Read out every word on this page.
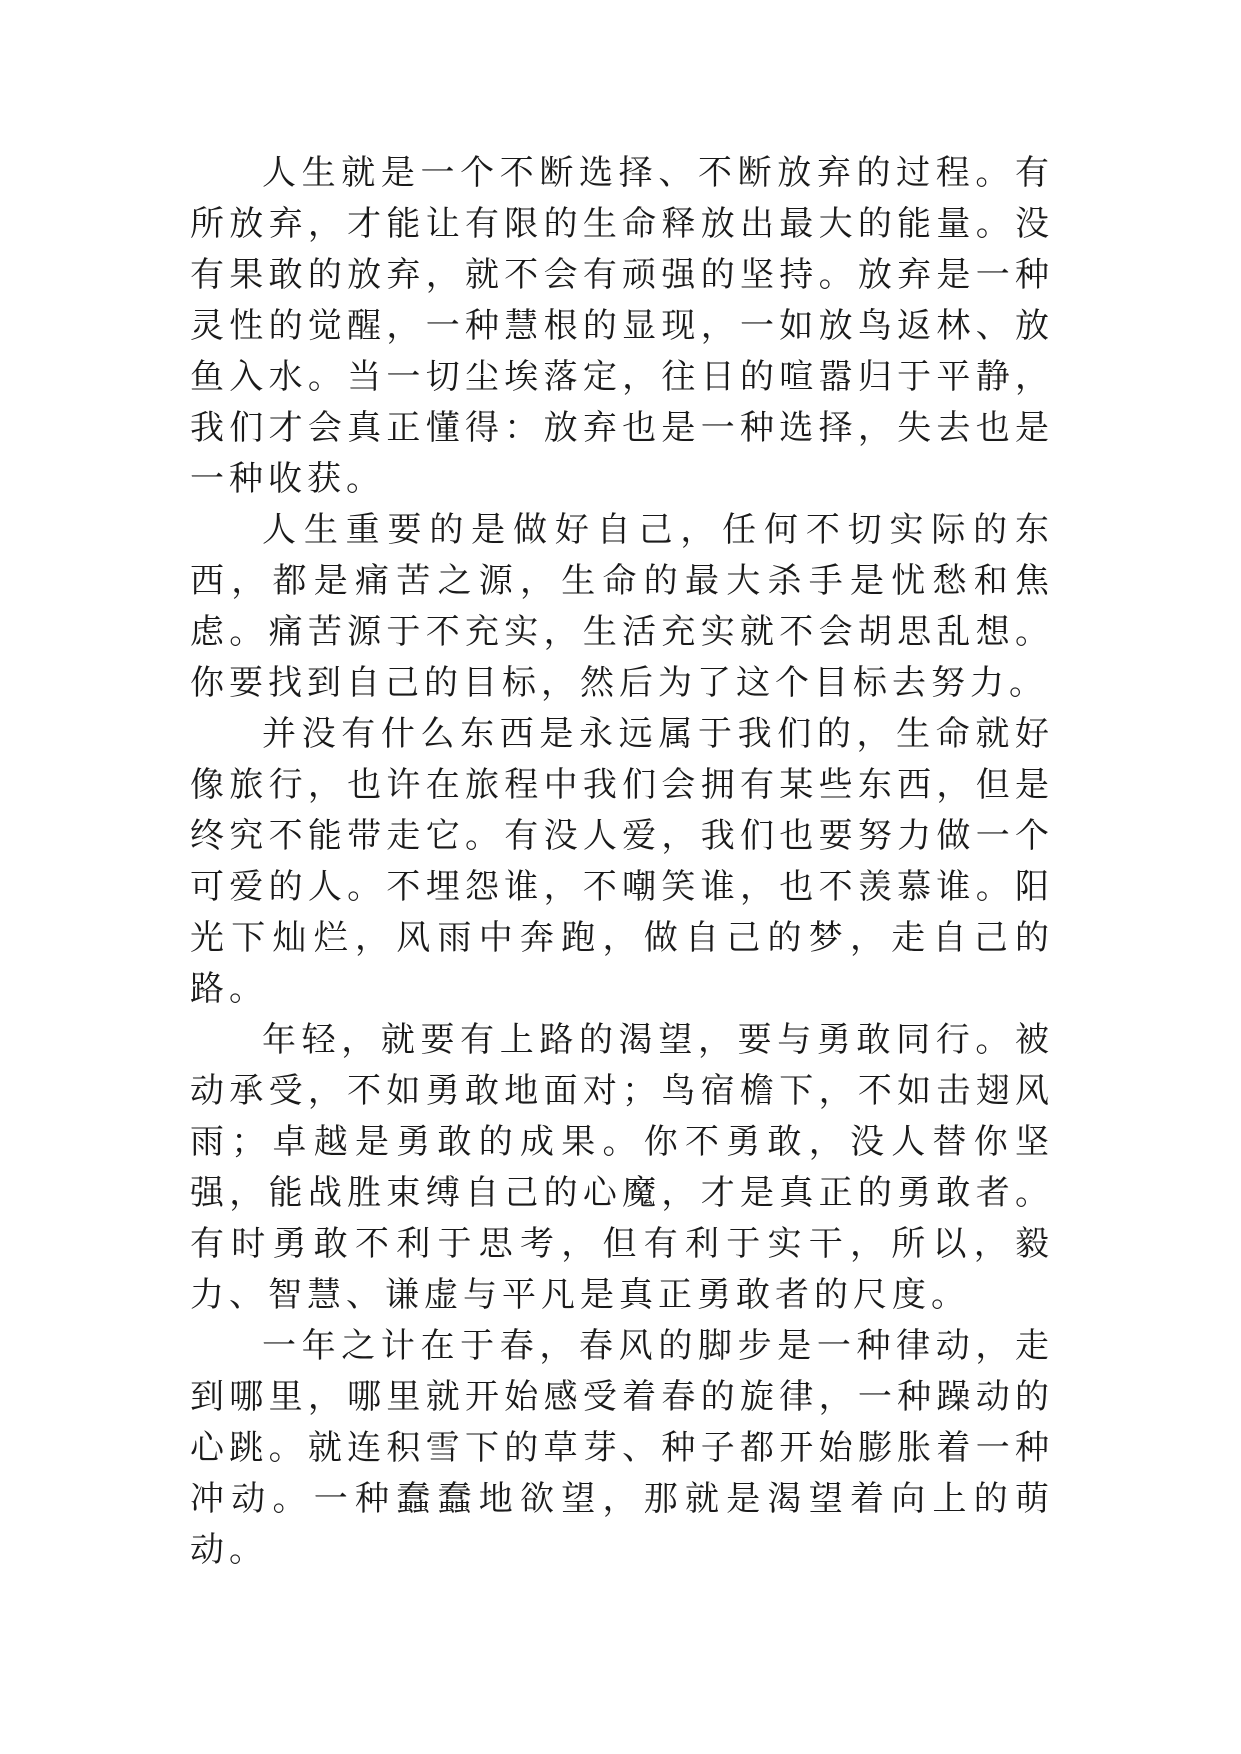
人生就是一个不断选择、不断放弃的过程。有所放弃，才能让有限的生命释放出最大的能量。没有果敢的放弃，就不会有顽强的坚持。放弃是一种灵性的觉醒，一种慧根的显现，一如放鸟返林、放鱼入水。当一切尘埃落定，往日的喧嚣归于平静，我们才会真正懂得：放弃也是一种选择，失去也是一种收获。

人生重要的是做好自己，任何不切实际的东西，都是痛苦之源，生命的最大杀手是忧愁和焦虑。痛苦源于不充实，生活充实就不会胡思乱想。你要找到自己的目标，然后为了这个目标去努力。

并没有什么东西是永远属于我们的，生命就好像旅行，也许在旅程中我们会拥有某些东西，但是终究不能带走它。有没人爱，我们也要努力做一个可爱的人。不埋怨谁，不嘲笑谁，也不羡慕谁。阳光下灿烂，风雨中奔跑，做自己的梦，走自己的路。

年轻，就要有上路的渴望，要与勇敢同行。被动承受，不如勇敢地面对；鸟宿檐下，不如击翅风雨；卓越是勇敢的成果。你不勇敢，没人替你坚强，能战胜束缚自己的心魔，才是真正的勇敢者。有时勇敢不利于思考，但有利于实干，所以，毅力、智慧、谦虚与平凡是真正勇敢者的尺度。

一年之计在于春，春风的脚步是一种律动，走到哪里，哪里就开始感受着春的旋律，一种躁动的心跳。就连积雪下的草芽、种子都开始膨胀着一种冲动。一种蠢蠢地欲望，那就是渴望着向上的萌动。
